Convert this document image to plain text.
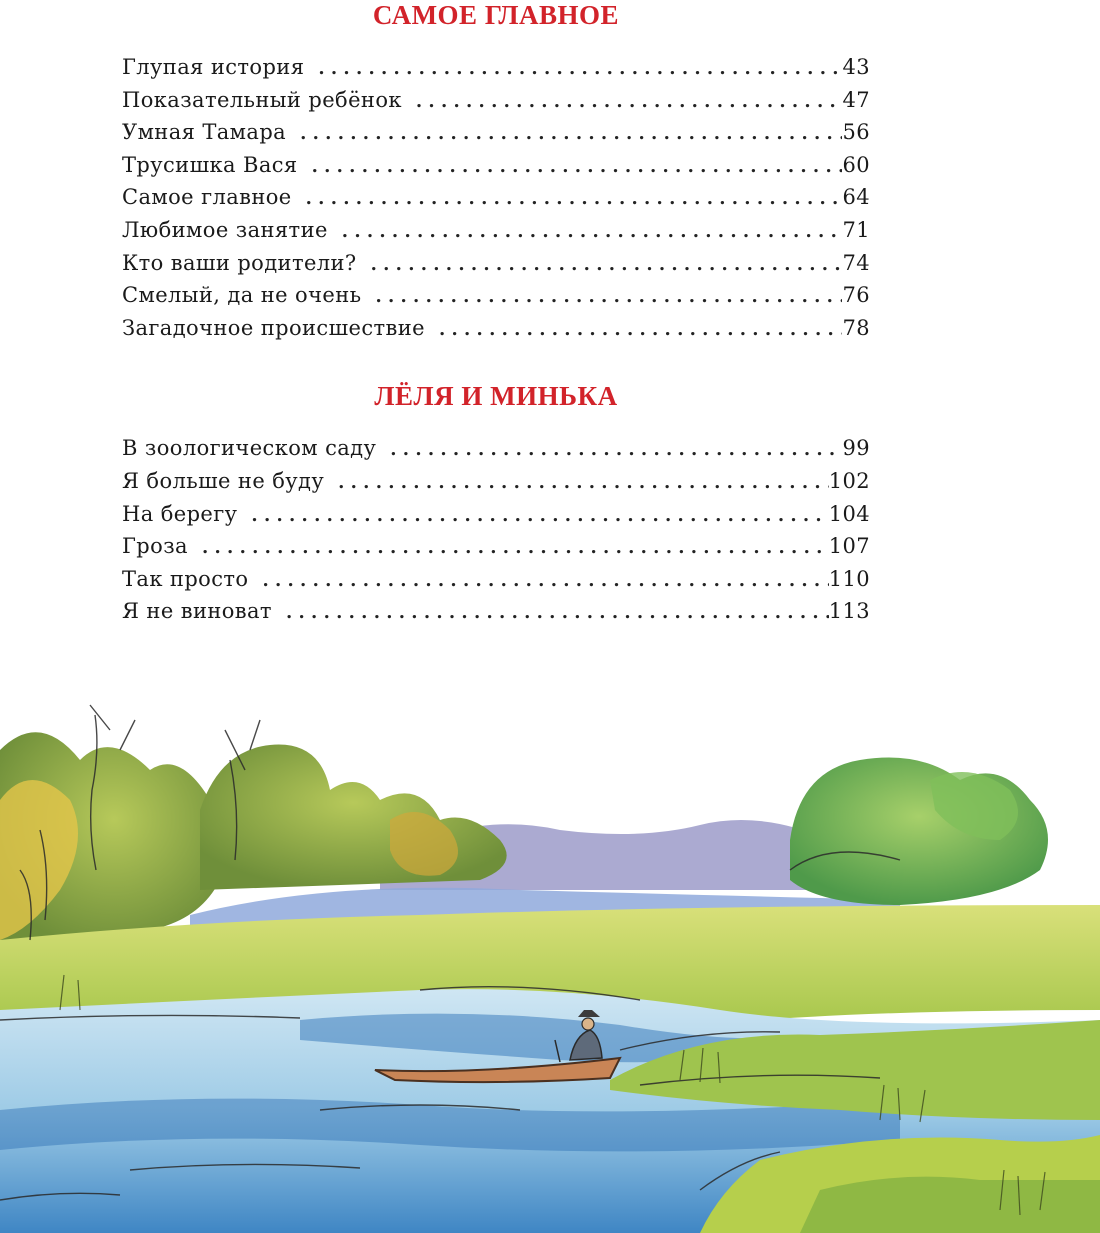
САМОЕ ГЛАВНОЕ
Глупая история . . .	43
Показательный ребёнок . . .	47
Умная Тамара . . .	56
Трусишка Вася . . .	60
Самое главное . . .	64
Любимое занятие . . .	71
Кто ваши родители? . . .	74
Смелый, да не очень . . .	76
Загадочное происшествие . . .	78
ЛЁЛЯ И МИНЬКА
В зоологическом саду . . .	99
Я больше не буду . . .	102
На берегу . . .	104
Гроза . . .	107
Так просто . . .	110
Я не виноват . . .	113
